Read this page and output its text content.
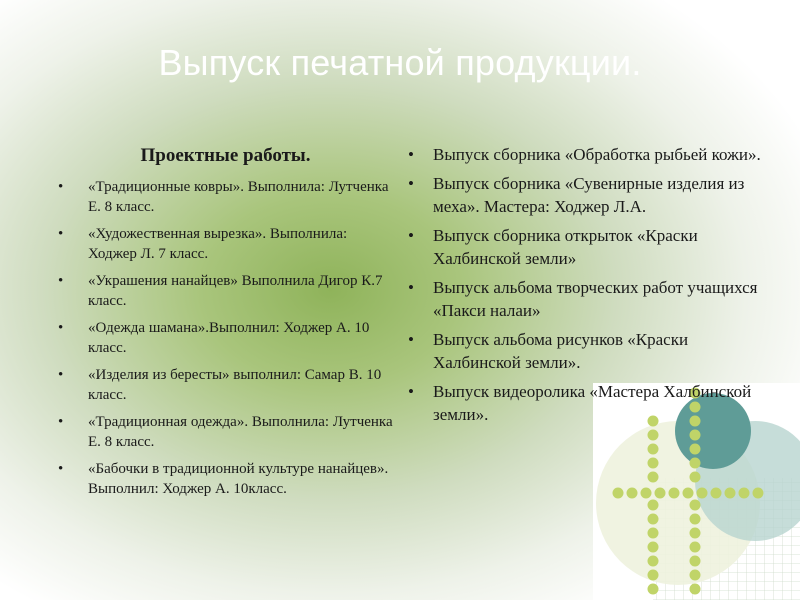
Выпуск печатной продукции.
Проектные работы.
• «Традиционные ковры». Выполнила: Лутченка Е. 8 класс.
• «Художественная вырезка». Выполнила: Ходжер Л. 7 класс.
• «Украшения нанайцев» Выполнила Дигор К.7 класс.
• «Одежда шамана».Выполнил: Ходжер А. 10 класс.
• «Изделия из бересты» выполнил: Самар В. 10 класс.
• «Традиционная одежда». Выполнила: Лутченка Е. 8 класс.
• «Бабочки в традиционной культуре нанайцев». Выполнил: Ходжер А. 10класс.
• Выпуск сборника «Обработка рыбьей кожи».
• Выпуск сборника «Сувенирные изделия из меха». Мастера: Ходжер Л.А.
• Выпуск сборника открыток «Краски Халбинской земли»
• Выпуск альбома творческих работ учащихся «Пакси налаи»
• Выпуск альбома рисунков «Краски Халбинской земли».
• Выпуск видеоролика «Мастера Халбинской земли».
